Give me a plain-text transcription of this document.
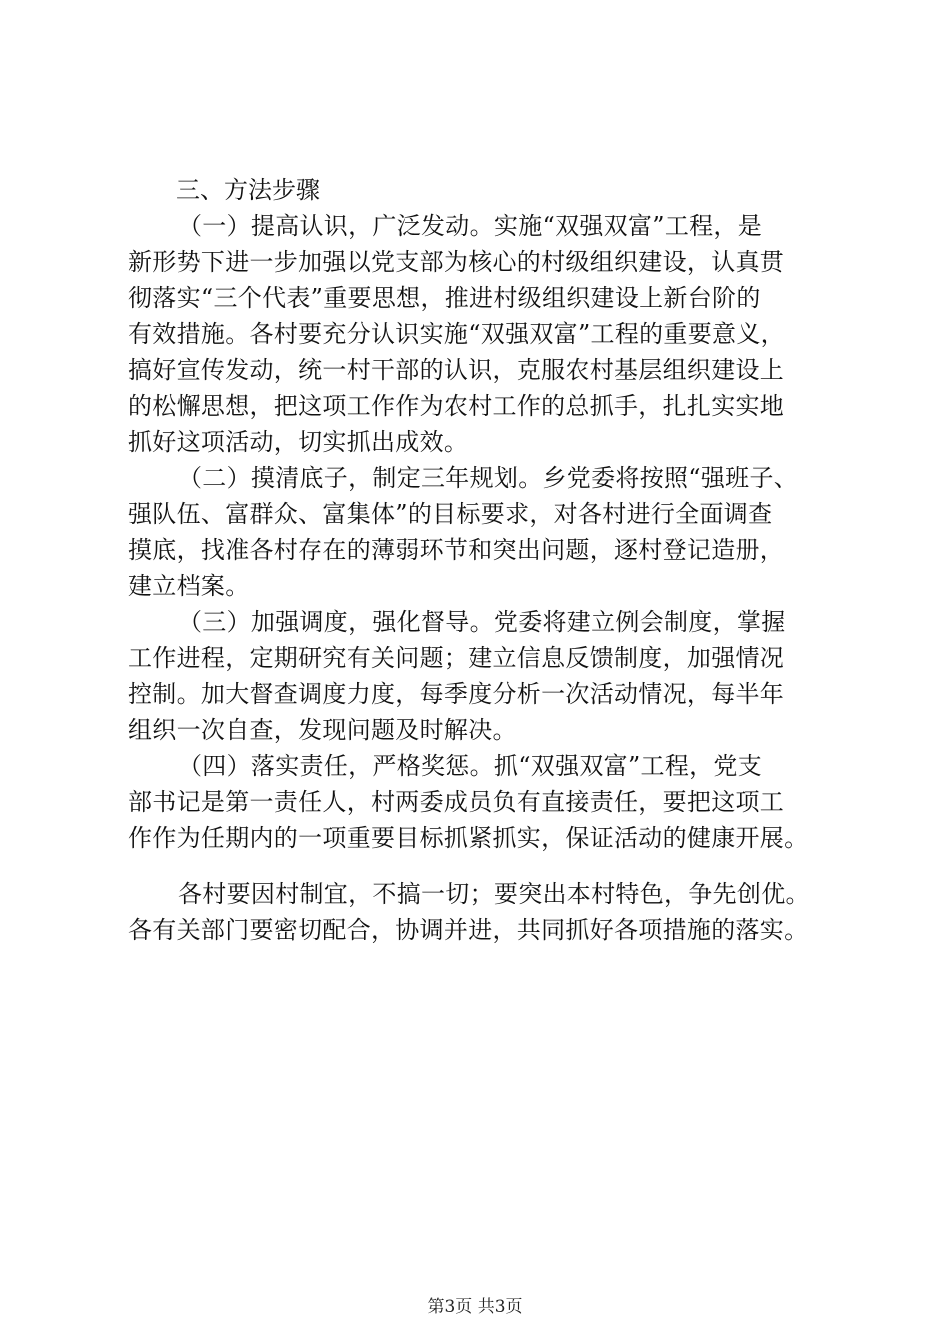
三、方法步骤
（一）提高认识，广泛发动。实施“双强双富”工程，是
新形势下进一步加强以党支部为核心的村级组织建设，认真贯
彻落实“三个代表”重要思想，推进村级组织建设上新台阶的
有效措施。各村要充分认识实施“双强双富”工程的重要意义，
搞好宣传发动，统一村干部的认识，克服农村基层组织建设上
的松懈思想，把这项工作作为农村工作的总抓手，扎扎实实地
抓好这项活动，切实抓出成效。
（二）摸清底子，制定三年规划。乡党委将按照“强班子、
强队伍、富群众、富集体”的目标要求，对各村进行全面调查
摸底，找准各村存在的薄弱环节和突出问题，逐村登记造册，
建立档案。
（三）加强调度，强化督导。党委将建立例会制度，掌握
工作进程，定期研究有关问题；建立信息反馈制度，加强情况
控制。加大督查调度力度，每季度分析一次活动情况，每半年
组织一次自查，发现问题及时解决。
（四）落实责任，严格奖惩。抓“双强双富”工程，党支
部书记是第一责任人，村两委成员负有直接责任，要把这项工
作作为任期内的一项重要目标抓紧抓实，保证活动的健康开展。
各村要因村制宜，不搞一切；要突出本村特色，争先创优。
各有关部门要密切配合，协调并进，共同抓好各项措施的落实。
第3页 共3页
